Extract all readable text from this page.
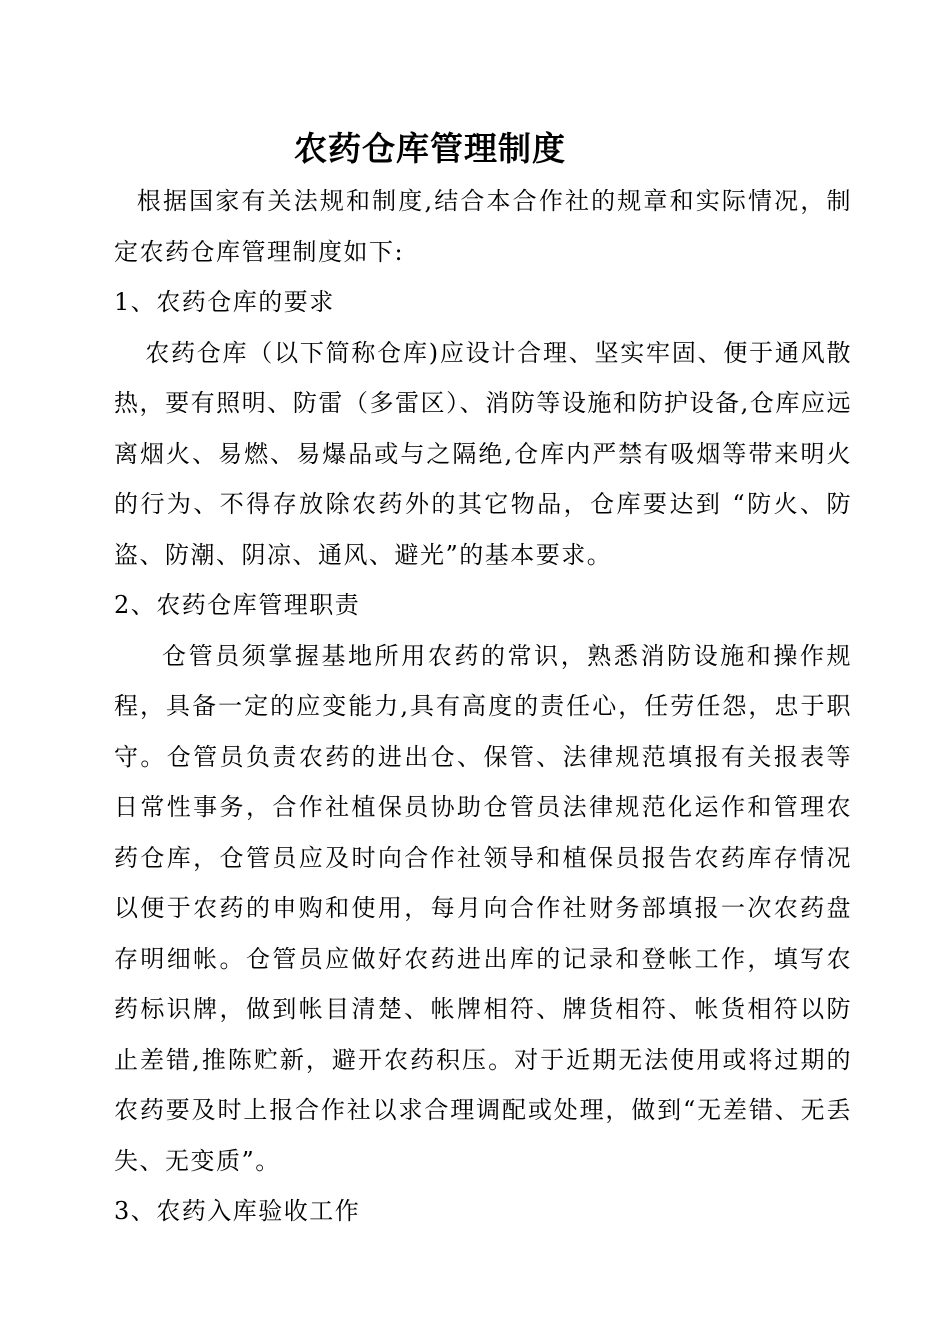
农药仓库管理制度

根据国家有关法规和制度,结合本合作社的规章和实际情况，制定农药仓库管理制度如下:

1、农药仓库的要求

农药仓库（以下简称仓库)应设计合理、坚实牢固、便于通风散热，要有照明、防雷（多雷区）、消防等设施和防护设备,仓库应远离烟火、易燃、易爆品或与之隔绝,仓库内严禁有吸烟等带来明火的行为、不得存放除农药外的其它物品，仓库要达到 “防火、防盗、防潮、阴凉、通风、避光”的基本要求。

2、农药仓库管理职责

仓管员须掌握基地所用农药的常识，熟悉消防设施和操作规程，具备一定的应变能力,具有高度的责任心，任劳任怨，忠于职守。仓管员负责农药的进出仓、保管、法律规范填报有关报表等日常性事务，合作社植保员协助仓管员法律规范化运作和管理农药仓库，仓管员应及时向合作社领导和植保员报告农药库存情况以便于农药的申购和使用，每月向合作社财务部填报一次农药盘存明细帐。仓管员应做好农药进出库的记录和登帐工作，填写农药标识牌，做到帐目清楚、帐牌相符、牌货相符、帐货相符以防止差错,推陈贮新，避开农药积压。对于近期无法使用或将过期的农药要及时上报合作社以求合理调配或处理，做到“无差错、无丢失、无变质”。

3、农药入库验收工作
